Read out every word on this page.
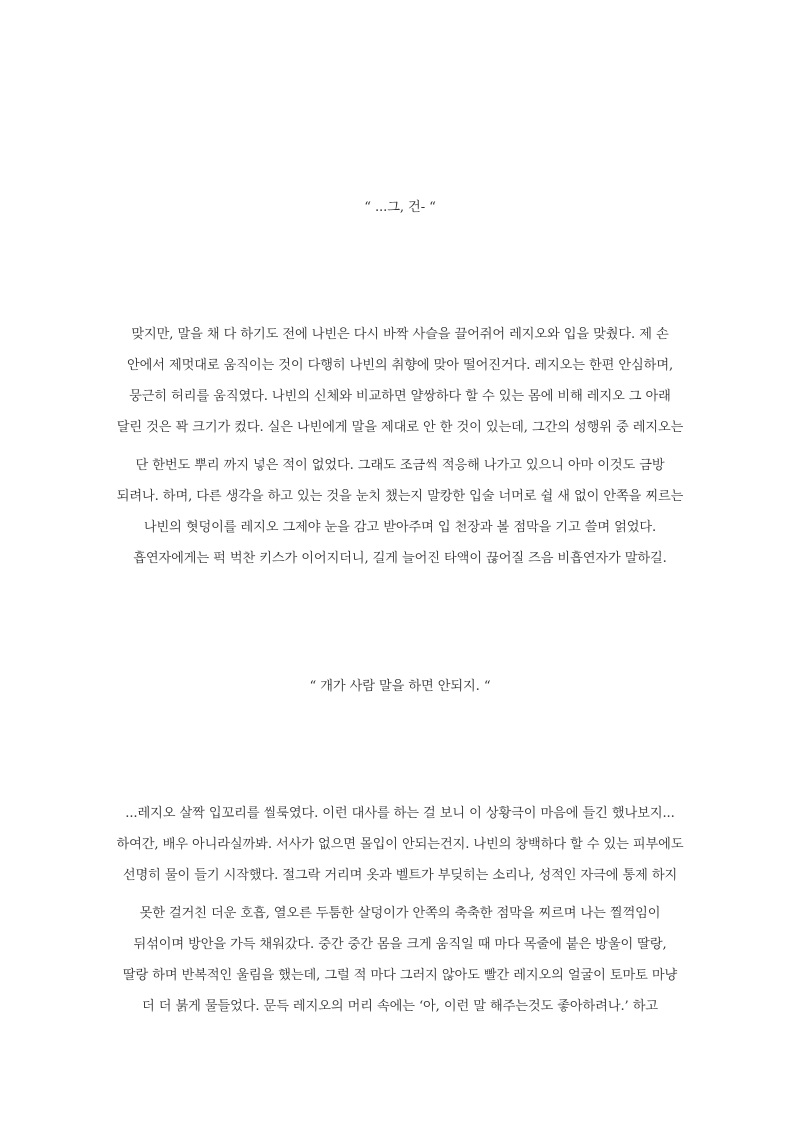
“ ...그, 건- “
맞지만, 말을 채 다 하기도 전에 나빈은 다시 바짝 사슬을 끌어쥐어 레지오와 입을 맞췄다. 제 손
안에서 제멋대로 움직이는 것이 다행히 나빈의 취향에 맞아 떨어진거다. 레지오는 한편 안심하며,
뭉근히 허리를 움직였다. 나빈의 신체와 비교하면 얄쌍하다 할 수 있는 몸에 비해 레지오 그 아래
달린 것은 꽉 크기가 컸다. 실은 나빈에게 말을 제대로 안 한 것이 있는데, 그간의 성행위 중 레지오는
단 한번도 뿌리 까지 넣은 적이 없었다. 그래도 조금씩 적응해 나가고 있으니 아마 이것도 금방
되려나. 하며, 다른 생각을 하고 있는 것을 눈치 챘는지 말캉한 입술 너머로 쉴 새 없이 안쪽을 찌르는
나빈의 혓덩이를 레지오 그제야 눈을 감고 받아주며 입 천장과 볼 점막을 기고 쓸며 얽었다.
흡연자에게는 퍽 벅찬 키스가 이어지더니, 길게 늘어진 타액이 끊어질 즈음 비흡연자가 말하길.
“ 개가 사람 말을 하면 안되지. “
...레지오 살짝 입꼬리를 씰룩였다. 이런 대사를 하는 걸 보니 이 상황극이 마음에 들긴 했나보지...
하여간, 배우 아니라실까봐. 서사가 없으면 몰입이 안되는건지. 나빈의 창백하다 할 수 있는 피부에도
선명히 물이 들기 시작했다. 절그락 거리며 옷과 벨트가 부딪히는 소리나, 성적인 자극에 통제 하지
못한 걸거친 더운 호흡, 열오른 두툼한 살덩이가 안쪽의 축축한 점막을 찌르며 나는 찔꺽임이
뒤섞이며 방안을 가득 채워갔다. 중간 중간 몸을 크게 움직일 때 마다 목줄에 붙은 방울이 딸랑,
딸랑 하며 반복적인 울림을 했는데, 그럴 적 마다 그러지 않아도 빨간 레지오의 얼굴이 토마토 마냥
더 더 붉게 물들었다. 문득 레지오의 머리 속에는 ‘아, 이런 말 해주는것도 좋아하려나.’ 하고
